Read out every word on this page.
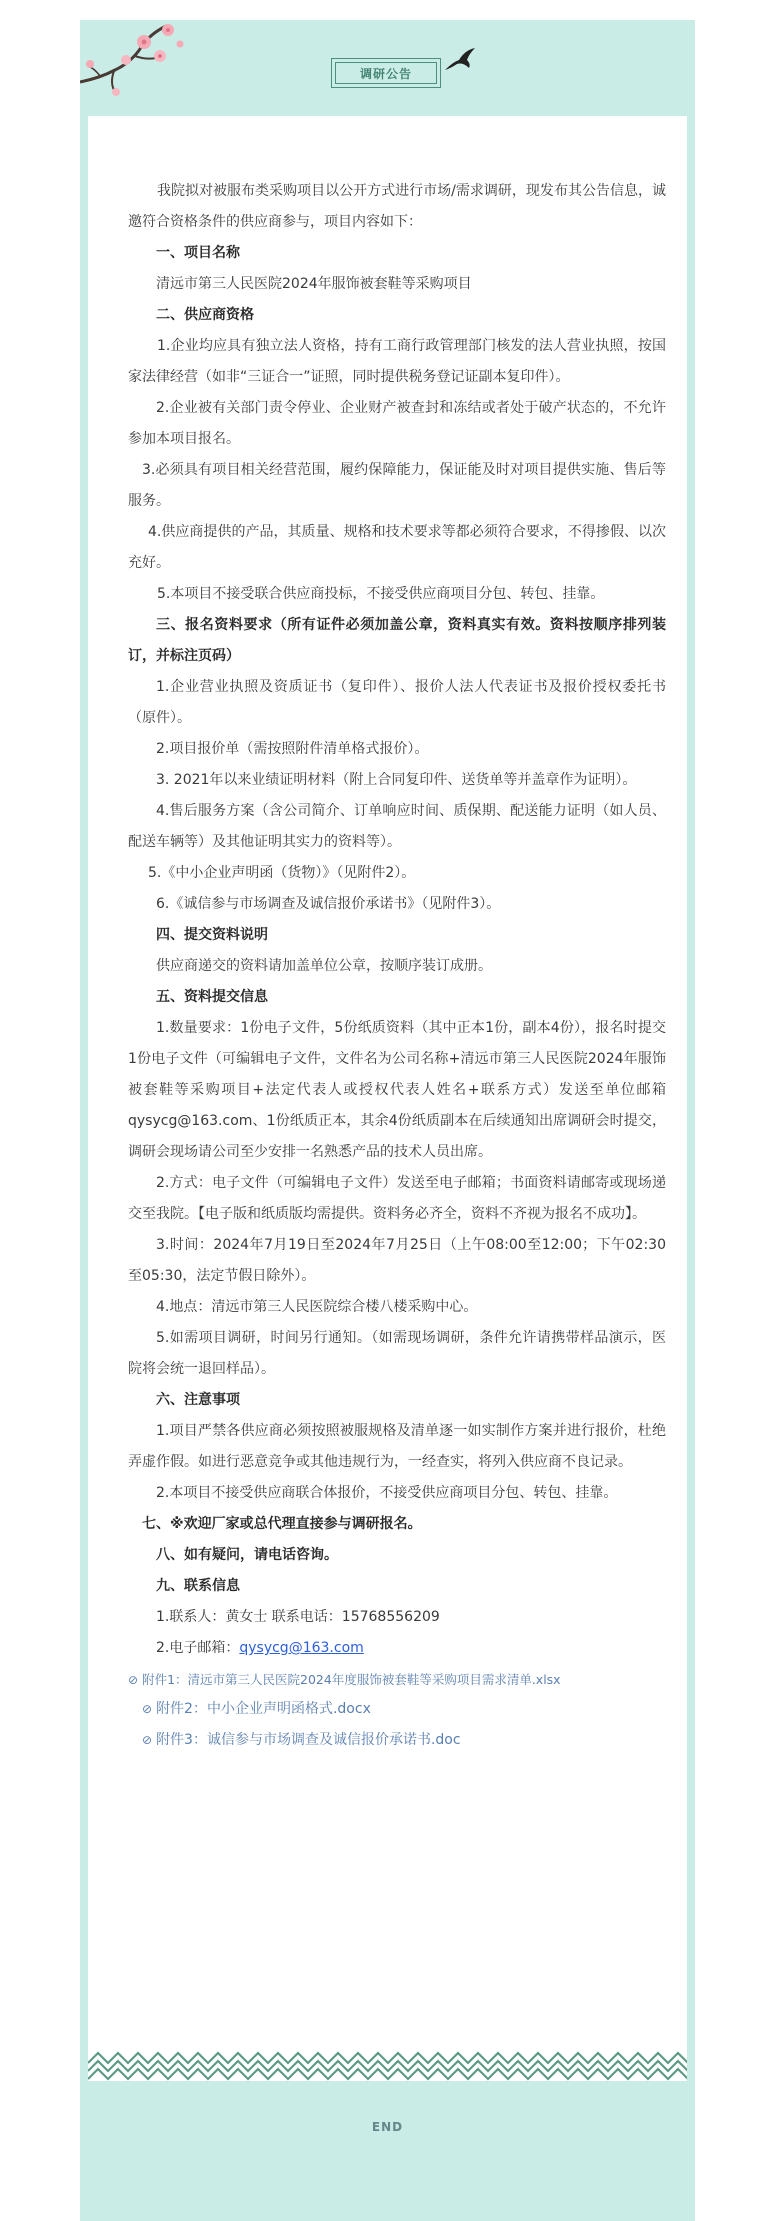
调研公告

我院拟对被服布类采购项目以公开方式进行市场/需求调研，现发布其公告信息，诚邀符合资格条件的供应商参与，项目内容如下：

一、项目名称

清远市第三人民医院2024年服饰被套鞋等采购项目

二、供应商资格

1.企业均应具有独立法人资格，持有工商行政管理部门核发的法人营业执照，按国家法律经营（如非“三证合一”证照，同时提供税务登记证副本复印件）。

2.企业被有关部门责令停业、企业财产被查封和冻结或者处于破产状态的，不允许参加本项目报名。

3.必须具有项目相关经营范围，履约保障能力，保证能及时对项目提供实施、售后等服务。

4.供应商提供的产品，其质量、规格和技术要求等都必须符合要求，不得掺假、以次充好。

5.本项目不接受联合供应商投标，不接受供应商项目分包、转包、挂靠。

三、报名资料要求（所有证件必须加盖公章，资料真实有效。资料按顺序排列装订，并标注页码）

1.企业营业执照及资质证书（复印件）、报价人法人代表证书及报价授权委托书（原件）。

2.项目报价单（需按照附件清单格式报价）。

3. 2021年以来业绩证明材料（附上合同复印件、送货单等并盖章作为证明）。

4.售后服务方案（含公司简介、订单响应时间、质保期、配送能力证明（如人员、配送车辆等）及其他证明其实力的资料等）。

5.《中小企业声明函（货物）》（见附件2）。

6.《诚信参与市场调查及诚信报价承诺书》（见附件3）。

四、提交资料说明

供应商递交的资料请加盖单位公章，按顺序装订成册。

五、资料提交信息

1.数量要求：1份电子文件，5份纸质资料（其中正本1份，副本4份），报名时提交1份电子文件（可编辑电子文件，文件名为公司名称+清远市第三人民医院2024年服饰被套鞋等采购项目+法定代表人或授权代表人姓名+联系方式）发送至单位邮箱qysycg@163.com、1份纸质正本，其余4份纸质副本在后续通知出席调研会时提交，调研会现场请公司至少安排一名熟悉产品的技术人员出席。

2.方式：电子文件（可编辑电子文件）发送至电子邮箱；书面资料请邮寄或现场递交至我院。【电子版和纸质版均需提供。资料务必齐全，资料不齐视为报名不成功】。

3.时间：2024年7月19日至2024年7月25日（上午08:00至12:00；下午02:30至05:30，法定节假日除外）。

4.地点：清远市第三人民医院综合楼八楼采购中心。

5.如需项目调研，时间另行通知。（如需现场调研，条件允许请携带样品演示，医院将会统一退回样品）。

六、注意事项

1.项目严禁各供应商必须按照被服规格及清单逐一如实制作方案并进行报价，杜绝弄虚作假。如进行恶意竞争或其他违规行为，一经查实，将列入供应商不良记录。

2.本项目不接受供应商联合体报价，不接受供应商项目分包、转包、挂靠。

七、※欢迎厂家或总代理直接参与调研报名。

八、如有疑问，请电话咨询。

九、联系信息

1.联系人：黄女士 联系电话：15768556209

2.电子邮箱：qysycg@163.com

⊘ 附件1：清远市第三人民医院2024年度服饰被套鞋等采购项目需求清单.xlsx
⊘ 附件2：中小企业声明函格式.docx
⊘ 附件3：诚信参与市场调查及诚信报价承诺书.doc
END
